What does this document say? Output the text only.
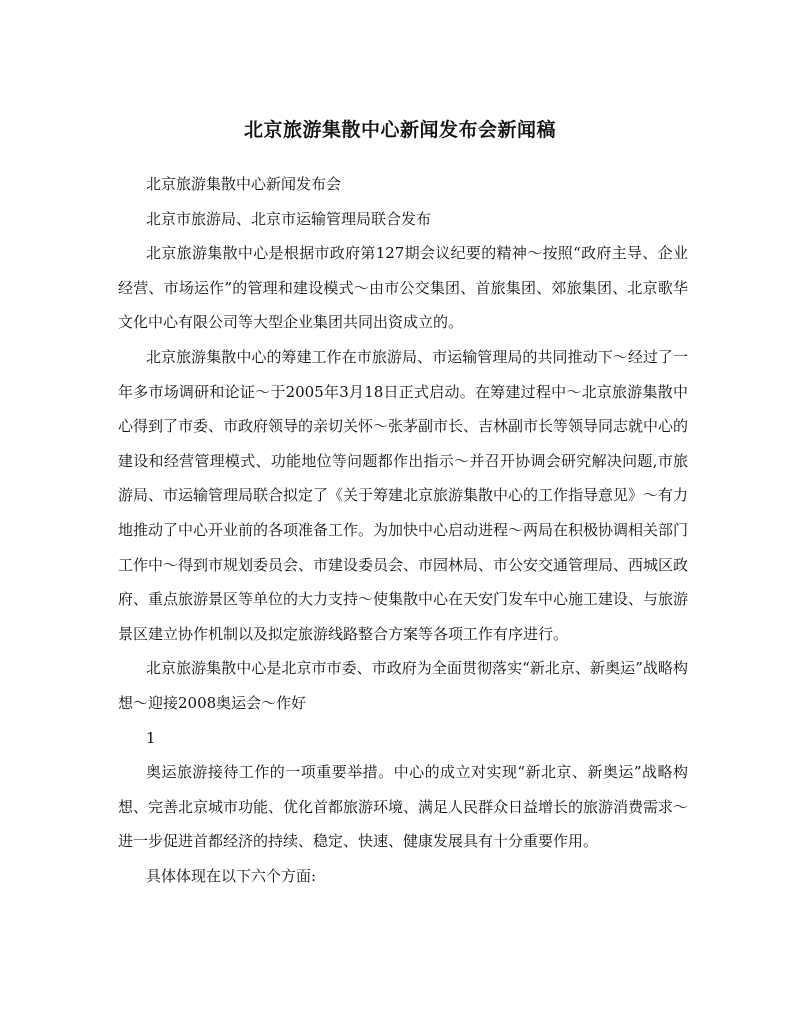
北京旅游集散中心新闻发布会新闻稿

北京旅游集散中心新闻发布会

北京市旅游局、北京市运输管理局联合发布

北京旅游集散中心是根据市政府第127期会议纪要的精神～按照“政府主导、企业经营、市场运作”的管理和建设模式～由市公交集团、首旅集团、郊旅集团、北京歌华文化中心有限公司等大型企业集团共同出资成立的。

北京旅游集散中心的筹建工作在市旅游局、市运输管理局的共同推动下～经过了一年多市场调研和论证～于2005年3月18日正式启动。在筹建过程中～北京旅游集散中心得到了市委、市政府领导的亲切关怀～张茅副市长、吉林副市长等领导同志就中心的建设和经营管理模式、功能地位等问题都作出指示～并召开协调会研究解决问题,市旅游局、市运输管理局联合拟定了《关于筹建北京旅游集散中心的工作指导意见》～有力地推动了中心开业前的各项准备工作。为加快中心启动进程～两局在积极协调相关部门工作中～得到市规划委员会、市建设委员会、市园林局、市公安交通管理局、西城区政府、重点旅游景区等单位的大力支持～使集散中心在天安门发车中心施工建设、与旅游景区建立协作机制以及拟定旅游线路整合方案等各项工作有序进行。

北京旅游集散中心是北京市市委、市政府为全面贯彻落实“新北京、新奥运”战略构想～迎接2008奥运会～作好

1

奥运旅游接待工作的一项重要举措。中心的成立对实现“新北京、新奥运”战略构想、完善北京城市功能、优化首都旅游环境、满足人民群众日益增长的旅游消费需求～进一步促进首都经济的持续、稳定、快速、健康发展具有十分重要作用。

具体体现在以下六个方面:
